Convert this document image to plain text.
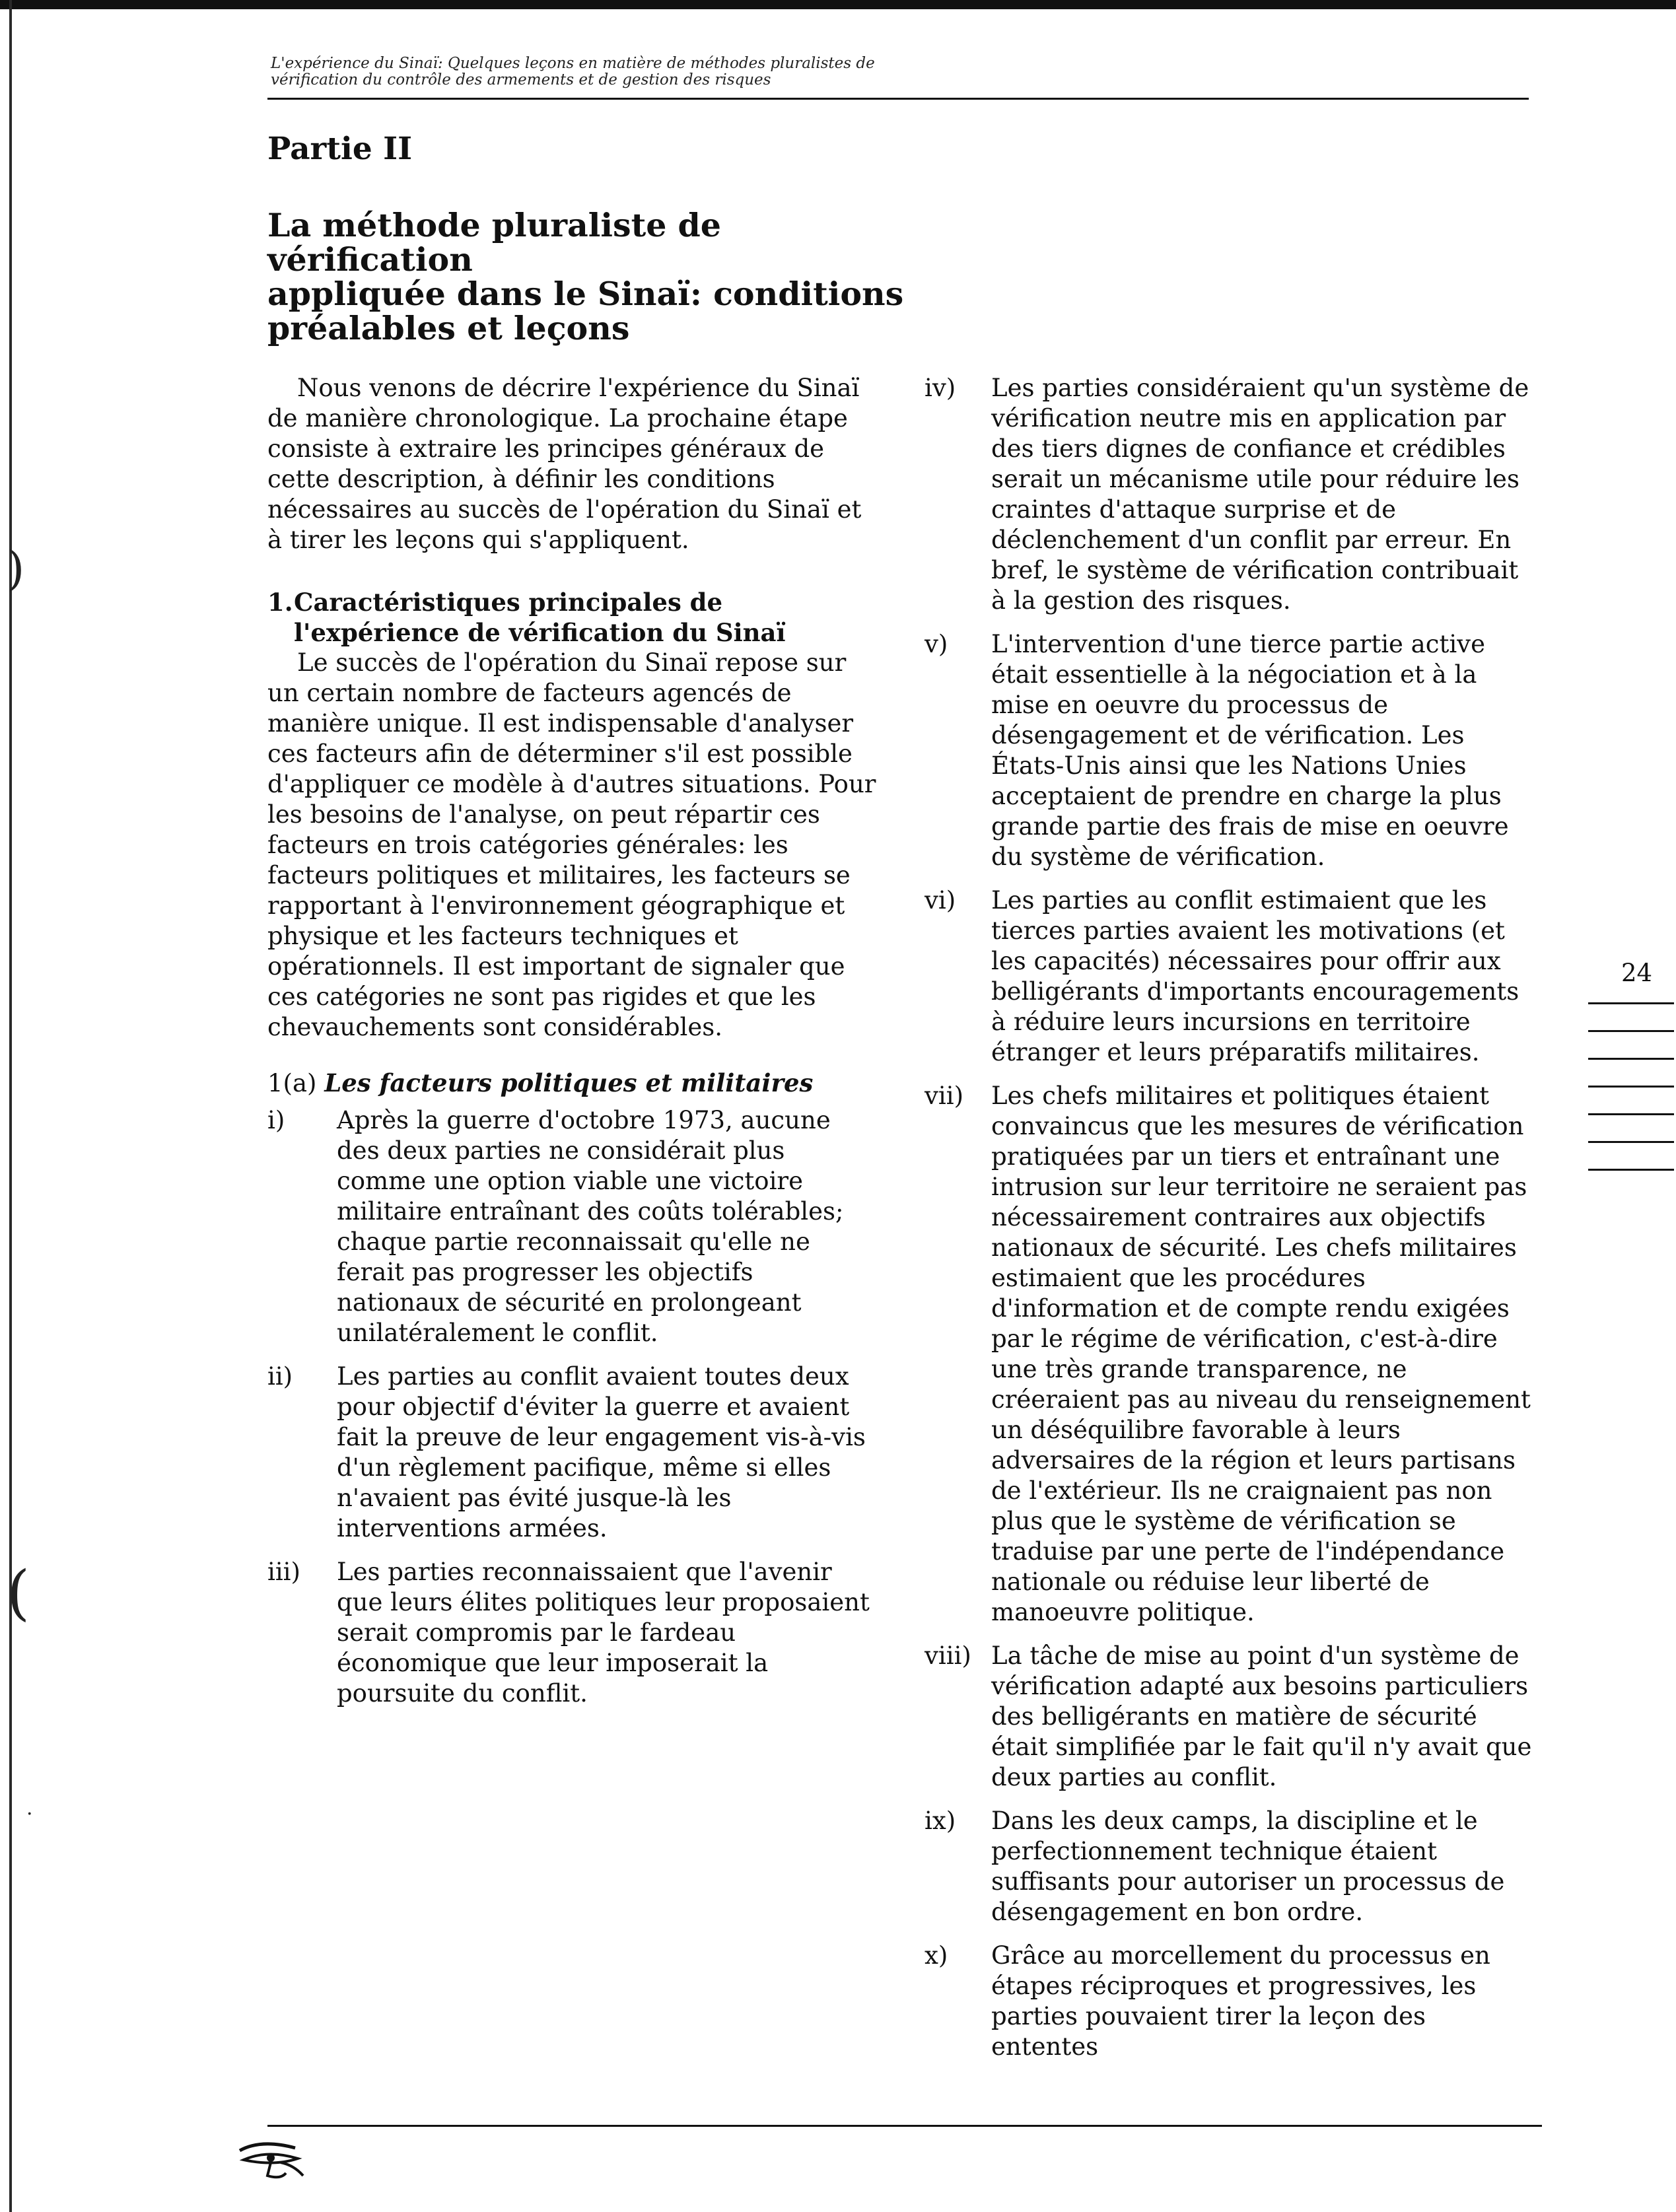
)
(
·
L'expérience du Sinaï: Quelques leçons en matière de méthodes pluralistes de
vérification du contrôle des armements et de gestion des risques
Partie II
La méthode pluraliste de vérification
appliquée dans le Sinaï: conditions
préalables et leçons

Nous venons de décrire l'expérience du Sinaï de manière chronologique. La prochaine étape consiste à extraire les principes généraux de cette description, à définir les conditions nécessaires au succès de l'opération du Sinaï et à tirer les leçons qui s'appliquent.

1. Caractéristiques principales de l'expérience de vérification du Sinaï

Le succès de l'opération du Sinaï repose sur un certain nombre de facteurs agencés de manière unique. Il est indispensable d'analyser ces facteurs afin de déterminer s'il est possible d'appliquer ce modèle à d'autres situations. Pour les besoins de l'analyse, on peut répartir ces facteurs en trois catégories générales: les facteurs politiques et militaires, les facteurs se rapportant à l'environnement géographique et physique et les facteurs techniques et opérationnels. Il est important de signaler que ces catégories ne sont pas rigides et que les chevauchements sont considérables.

1(a) Les facteurs politiques et militaires
i)	Après la guerre d'octobre 1973, aucune des deux parties ne considérait plus comme une option viable une victoire militaire entraînant des coûts tolérables; chaque partie reconnaissait qu'elle ne ferait pas progresser les objectifs nationaux de sécurité en prolongeant unilatéralement le conflit.
ii)	Les parties au conflit avaient toutes deux pour objectif d'éviter la guerre et avaient fait la preuve de leur engagement vis-à-vis d'un règlement pacifique, même si elles n'avaient pas évité jusque-là les interventions armées.
iii)	Les parties reconnaissaient que l'avenir que leurs élites politiques leur proposaient serait compromis par le fardeau économique que leur imposerait la poursuite du conflit.
iv)	Les parties considéraient qu'un système de vérification neutre mis en application par des tiers dignes de confiance et crédibles serait un mécanisme utile pour réduire les craintes d'attaque surprise et de déclenchement d'un conflit par erreur. En bref, le système de vérification contribuait à la gestion des risques.
v)	L'intervention d'une tierce partie active était essentielle à la négociation et à la mise en oeuvre du processus de désengagement et de vérification. Les États-Unis ainsi que les Nations Unies acceptaient de prendre en charge la plus grande partie des frais de mise en oeuvre du système de vérification.
vi)	Les parties au conflit estimaient que les tierces parties avaient les motivations (et les capacités) nécessaires pour offrir aux belligérants d'importants encouragements à réduire leurs incursions en territoire étranger et leurs préparatifs militaires.
vii)	Les chefs militaires et politiques étaient convaincus que les mesures de vérification pratiquées par un tiers et entraînant une intrusion sur leur territoire ne seraient pas nécessairement contraires aux objectifs nationaux de sécurité. Les chefs militaires estimaient que les procédures d'information et de compte rendu exigées par le régime de vérification, c'est-à-dire une très grande transparence, ne créeraient pas au niveau du renseignement un déséquilibre favorable à leurs adversaires de la région et leurs partisans de l'extérieur. Ils ne craignaient pas non plus que le système de vérification se traduise par une perte de l'indépendance nationale ou réduise leur liberté de manoeuvre politique.
viii) La tâche de mise au point d'un système de vérification adapté aux besoins particuliers des belligérants en matière de sécurité était simplifiée par le fait qu'il n'y avait que deux parties au conflit.
ix)	Dans les deux camps, la discipline et le perfectionnement technique étaient suffisants pour autoriser un processus de désengagement en bon ordre.
x)	Grâce au morcellement du processus en étapes réciproques et progressives, les parties pouvaient tirer la leçon des ententes
24
